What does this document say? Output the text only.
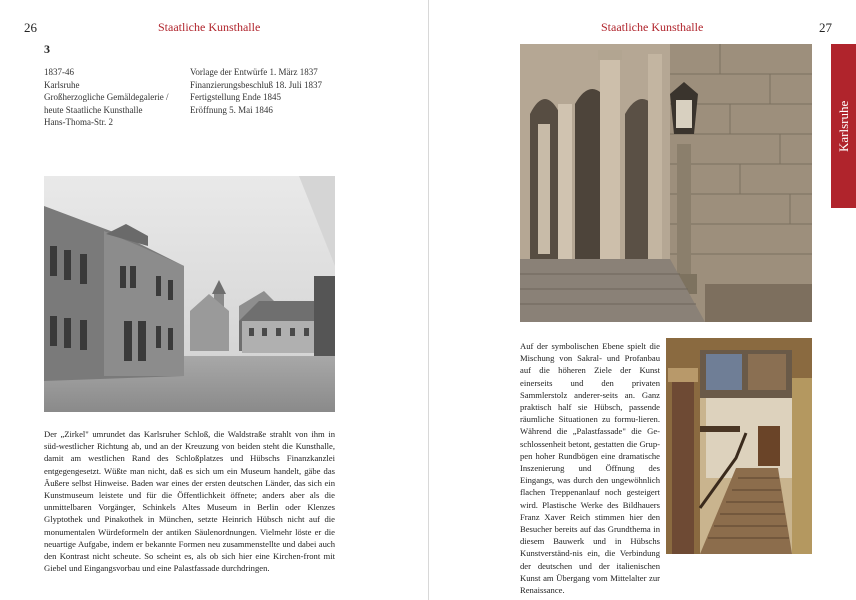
26	Staatliche Kunsthalle
3
1837-46
Karlsruhe
Großherzogliche Gemäldegalerie /
heute Staatliche Kunsthalle
Hans-Thoma-Str. 2
Vorlage der Entwürfe 1. März 1837
Finanzierungsbeschluß 18. Juli 1837
Fertigstellung Ende 1845
Eröffnung 5. Mai 1846
Der „Zirkel" umrundet das Karlsruher Schloß, die Waldstraße strahlt von ihm in süd-westlicher Richtung ab, und an der Kreuzung von beiden steht die Kunsthalle, damit am westlichen Rand des Schloßplatzes und Hübschs Finanzkanzlei entgegengesetzt. Wüßte man nicht, daß es sich um ein Museum handelt, gäbe das Äußere selbst Hinweise. Baden war eines der ersten deutschen Länder, das sich ein Kunstmuseum leistete und für die Öffentlichkeit öffnete; anders aber als die unmittelbaren Vorgänger, Schinkels Altes Museum in Berlin oder Klenzes Glyptothek und Pinakothek in München, setzte Heinrich Hübsch nicht auf die monumentalen Würdeformeln der antiken Säulenordnungen. Vielmehr löste er die neuartige Aufgabe, indem er bekannte Formen neu zusammenstellte und dabei auch den Kontrast nicht scheute. So scheint es, als ob sich hier eine Kirchen-front mit Giebel und Eingangsvorbau und eine Palastfassade durchdringen.
Staatliche Kunsthalle	27
Karlsruhe
Auf der symbolischen Ebene spielt die Mischung von Sakral- und Profanbau auf die höheren Ziele der Kunst einerseits und den privaten Sammlerstolz anderer-seits an. Ganz praktisch half sie Hübsch, passende räumliche Situationen zu formu-lieren. Während die „Palastfassade" die Ge-schlossenheit betont, gestatten die Grup-pen hoher Rundbögen eine dramatische Inszenierung und Öffnung des Eingangs, was durch den ungewöhnlich flachen Treppenanlauf noch gesteigert wird. Plastische Werke des Bildhauers Franz Xaver Reich stimmen hier den Besucher bereits auf das Grundthema in diesem Bauwerk und in Hübschs Kunstverständ-nis ein, die Verbindung der deutschen und der italienischen Kunst am Übergang vom Mittelalter zur Renaissance.
